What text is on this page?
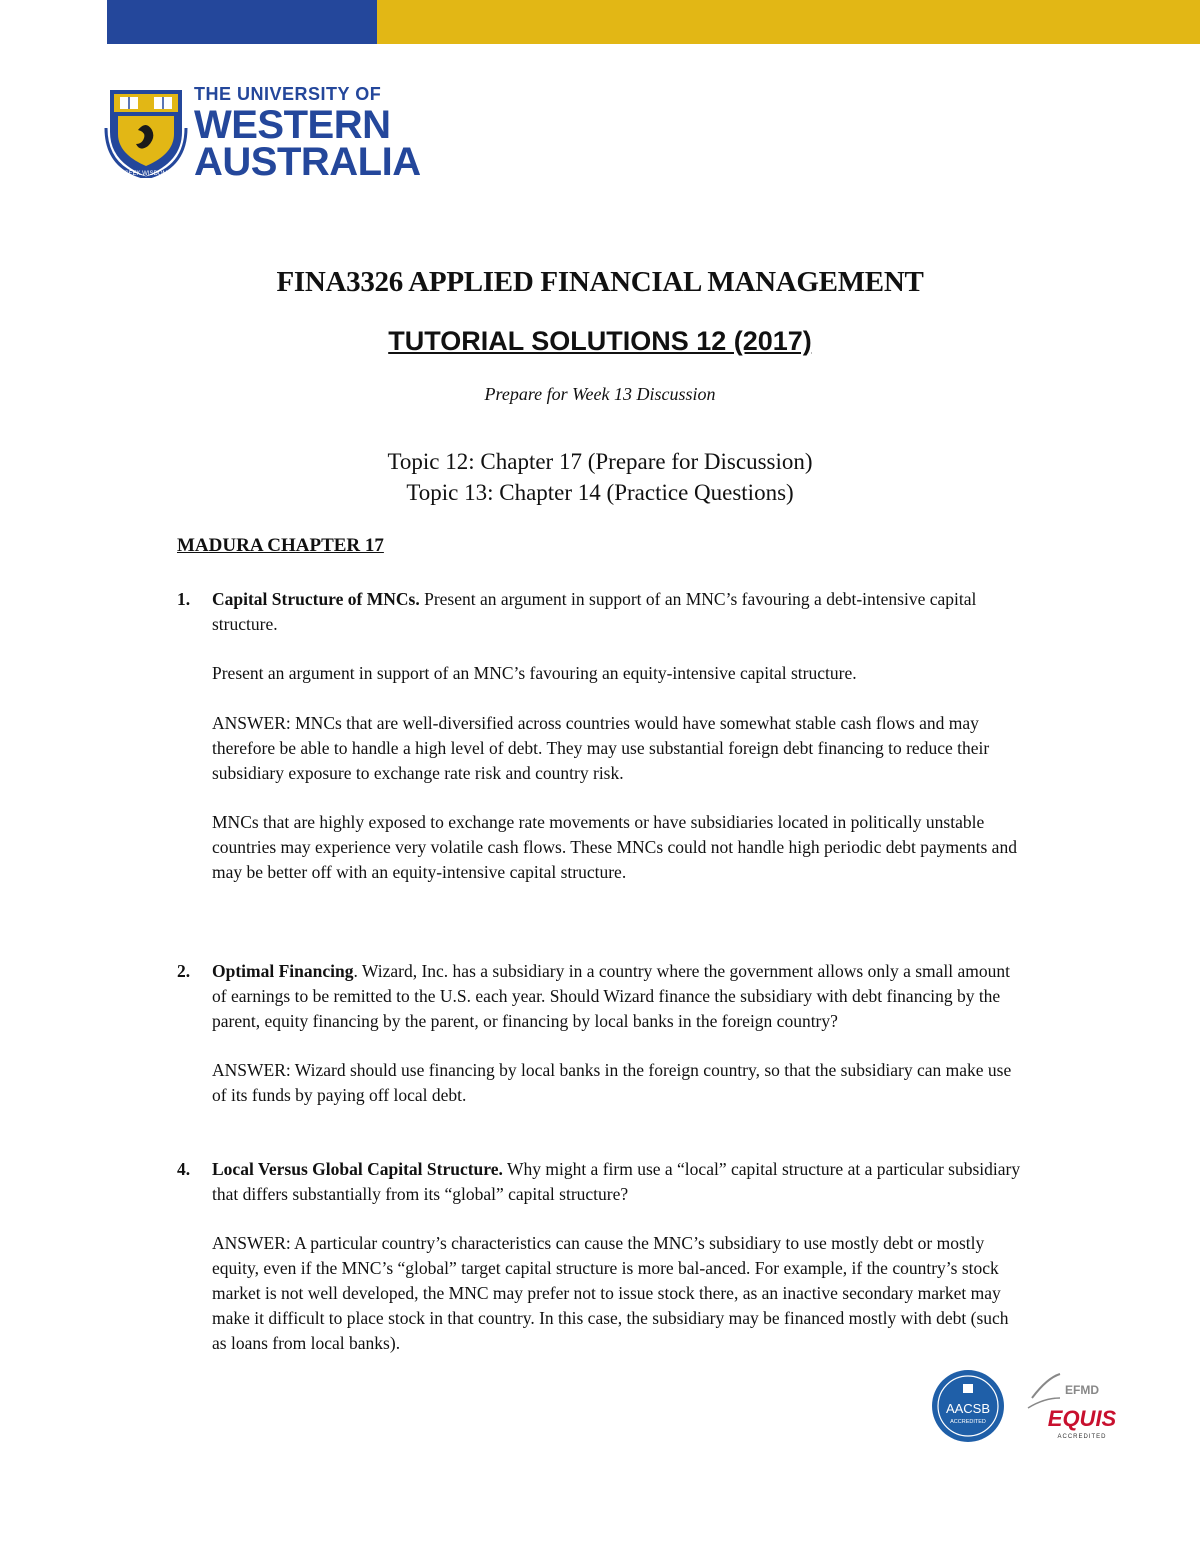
SEEK WISDOM
THE UNIVERSITY OF
WESTERN
AUSTRALIA
FINA3326 APPLIED FINANCIAL MANAGEMENT
TUTORIAL SOLUTIONS 12 (2017)
Prepare for Week 13 Discussion
Topic 12: Chapter 17 (Prepare for Discussion)
Topic 13: Chapter 14 (Practice Questions)
MADURA CHAPTER 17
1. Capital Structure of MNCs. Present an argument in support of an MNC’s favouring a debt-intensive capital structure.

Present an argument in support of an MNC’s favouring an equity-intensive capital structure.

ANSWER: MNCs that are well-diversified across countries would have somewhat stable cash flows and may therefore be able to handle a high level of debt. They may use substantial foreign debt financing to reduce their subsidiary exposure to exchange rate risk and country risk.

MNCs that are highly exposed to exchange rate movements or have subsidiaries located in politically unstable countries may experience very volatile cash flows. These MNCs could not handle high periodic debt payments and may be better off with an equity-intensive capital structure.

2. Optimal Financing. Wizard, Inc. has a subsidiary in a country where the government allows only a small amount of earnings to be remitted to the U.S. each year. Should Wizard finance the subsidiary with debt financing by the parent, equity financing by the parent, or financing by local banks in the foreign country?

ANSWER: Wizard should use financing by local banks in the foreign country, so that the subsidiary can make use of its funds by paying off local debt.

4. Local Versus Global Capital Structure. Why might a firm use a “local” capital structure at a particular subsidiary that differs substantially from its “global” capital structure?

ANSWER: A particular country’s characteristics can cause the MNC’s subsidiary to use mostly debt or mostly equity, even if the MNC’s “global” target capital structure is more bal-anced. For example, if the country’s stock market is not well developed, the MNC may prefer not to issue stock there, as an inactive secondary market may make it difficult to place stock in that country. In this case, the subsidiary may be financed mostly with debt (such as loans from local banks).

AACSB
ACCREDITED
EFMD
EQUIS
ACCREDITED
